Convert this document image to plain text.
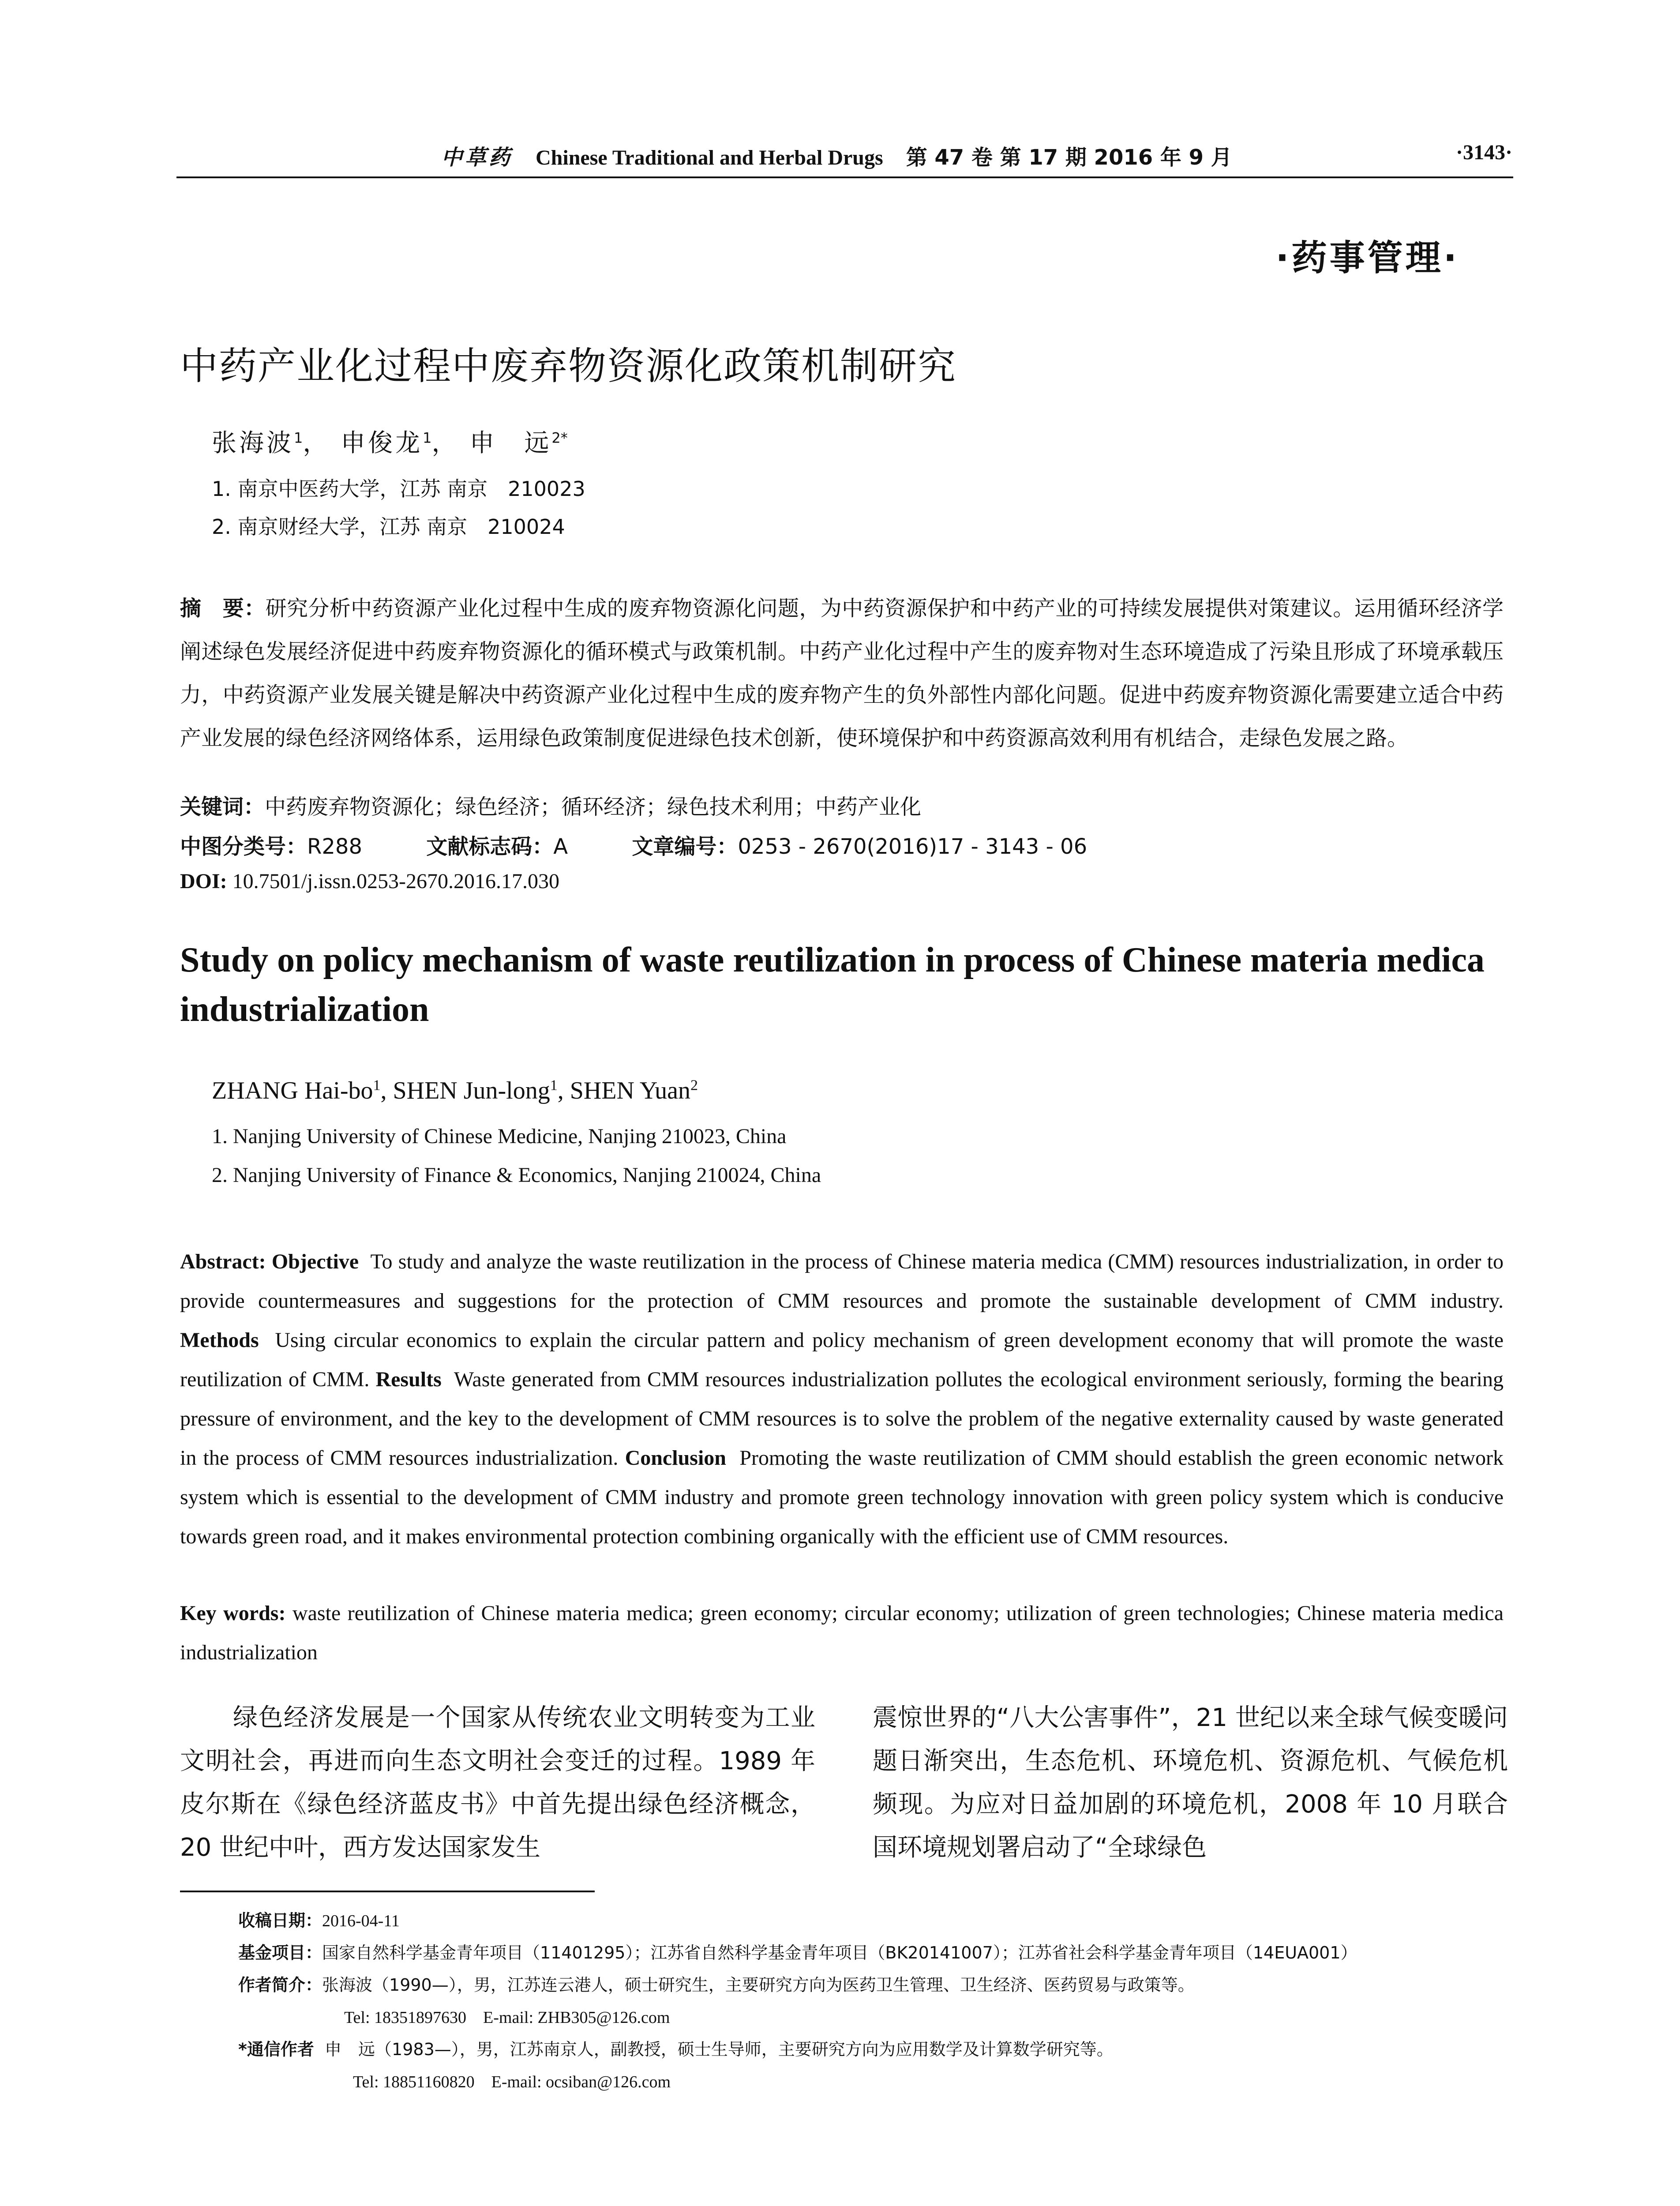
中草药 Chinese Traditional and Herbal Drugs 第 47 卷 第 17 期 2016 年 9 月	·3143·
·药事管理·
中药产业化过程中废弃物资源化政策机制研究
张海波$^1$， 申俊龙$^1$， 申　远$^{2*}$
1. 南京中医药大学，江苏 南京　210023
2. 南京财经大学，江苏 南京　210024
摘　要：研究分析中药资源产业化过程中生成的废弃物资源化问题，为中药资源保护和中药产业的可持续发展提供对策建议。运用循环经济学阐述绿色发展经济促进中药废弃物资源化的循环模式与政策机制。中药产业化过程中产生的废弃物对生态环境造成了污染且形成了环境承载压力，中药资源产业发展关键是解决中药资源产业化过程中生成的废弃物产生的负外部性内部化问题。促进中药废弃物资源化需要建立适合中药产业发展的绿色经济网络体系，运用绿色政策制度促进绿色技术创新，使环境保护和中药资源高效利用有机结合，走绿色发展之路。
关键词：中药废弃物资源化；绿色经济；循环经济；绿色技术利用；中药产业化
中图分类号：R288	文献标志码：A	文章编号：0253 - 2670(2016)17 - 3143 - 06
DOI: 10.7501/j.issn.0253-2670.2016.17.030
Study on policy mechanism of waste reutilization in process of Chinese materia medica industrialization
ZHANG Hai-$bo^1$, SHEN Jun-long$^1$, SHEN Yuan$^2$
1. Nanjing University of Chinese Medicine, Nanjing 210023, China
2. Nanjing University of Finance & Economics, Nanjing 210024, China
Abstract: Objective To study and analyze the waste reutilization in the process of Chinese materia medica (CMM) resources industrialization, in order to provide countermeasures and suggestions for the protection of CMM resources and promote the sustainable development of CMM industry. Methods Using circular economics to explain the circular pattern and policy mechanism of green development economy that will promote the waste reutilization of CMM. Results Waste generated from CMM resources industrialization pollutes the ecological environment seriously, forming the bearing pressure of environment, and the key to the development of CMM resources is to solve the problem of the negative externality caused by waste generated in the process of CMM resources industrialization. Conclusion Promoting the waste reutilization of CMM should establish the green economic network system which is essential to the development of CMM industry and promote green technology innovation with green policy system which is conducive towards green road, and it makes environmental protection combining organically with the efficient use of CMM resources.
Key words: waste reutilization of Chinese materia medica; green economy; circular economy; utilization of green technologies; Chinese materia medica industrialization
绿色经济发展是一个国家从传统农业文明转变为工业文明社会，再进而向生态文明社会变迁的过程。1989 年皮尔斯在《绿色经济蓝皮书》中首先提出绿色经济概念，20 世纪中叶，西方发达国家发生
震惊世界的“八大公害事件”，21 世纪以来全球气候变暖问题日渐突出，生态危机、环境危机、资源危机、气候危机频现。为应对日益加剧的环境危机，2008 年 10 月联合国环境规划署启动了“全球绿色
收稿日期：2016-04-11
基金项目：国家自然科学基金青年项目（11401295）；江苏省自然科学基金青年项目（BK20141007）；江苏省社会科学基金青年项目（14EUA001）
作者简介：张海波（1990—），男，江苏连云港人，硕士研究生，主要研究方向为医药卫生管理、卫生经济、医药贸易与政策等。
Tel: 18351897630　E-mail: ZHB305@126.com
*通信作者 申　远（1983—），男，江苏南京人，副教授，硕士生导师，主要研究方向为应用数学及计算数学研究等。
Tel: 18851160820　E-mail: ocsiban@126.com
